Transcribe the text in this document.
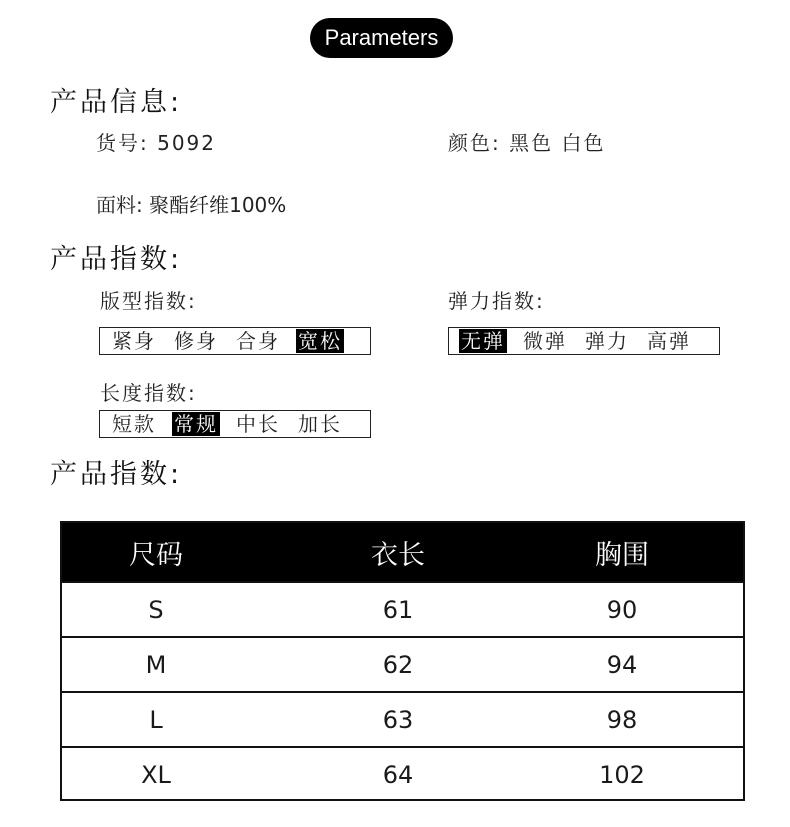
Parameters
产品信息:
货号: 5092	颜色: 黑色 白色
面料: 聚酯纤维100%
产品指数:
版型指数:
紧身 修身 合身 宽松
弹力指数:
无弹 微弹 弹力 高弹
长度指数:
短款 常规 中长 加长
产品指数:
尺码	衣长	胸围
S	61	90
M	62	94
L	63	98
XL	64	102
